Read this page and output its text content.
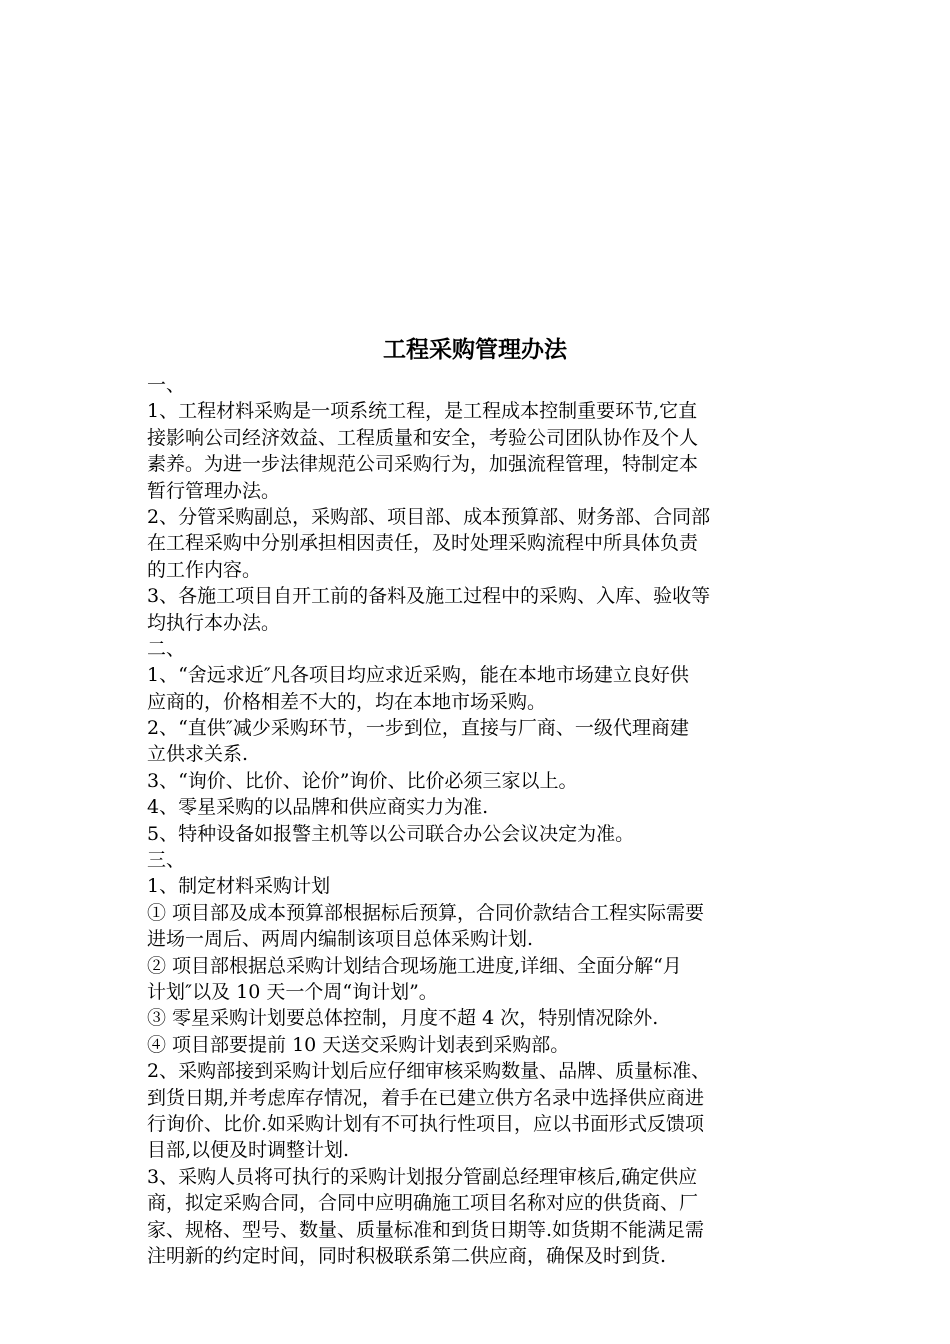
工程采购管理办法
一、
1、工程材料采购是一项系统工程，是工程成本控制重要环节,它直
接影响公司经济效益、工程质量和安全，考验公司团队协作及个人
素养。为进一步法律规范公司采购行为，加强流程管理，特制定本
暂行管理办法。
2、分管采购副总，采购部、项目部、成本预算部、财务部、合同部
在工程采购中分别承担相因责任，及时处理采购流程中所具体负责
的工作内容。
3、各施工项目自开工前的备料及施工过程中的采购、入库、验收等
均执行本办法。
二、
1、“舍远求近″凡各项目均应求近采购，能在本地市场建立良好供
应商的，价格相差不大的，均在本地市场采购。
2、“直供″减少采购环节，一步到位，直接与厂商、一级代理商建
立供求关系.
3、“询价、比价、论价”询价、比价必须三家以上。
4、零星采购的以品牌和供应商实力为准.
5、特种设备如报警主机等以公司联合办公会议决定为准。
三、
1、制定材料采购计划
① 项目部及成本预算部根据标后预算，合同价款结合工程实际需要
进场一周后、两周内编制该项目总体采购计划.
② 项目部根据总采购计划结合现场施工进度,详细、全面分解“月
计划″以及 10 天一个周“询计划”。
③ 零星采购计划要总体控制，月度不超 4 次，特别情况除外.
④ 项目部要提前 10 天送交采购计划表到采购部。
2、采购部接到采购计划后应仔细审核采购数量、品牌、质量标准、
到货日期,并考虑库存情况，着手在已建立供方名录中选择供应商进
行询价、比价.如采购计划有不可执行性项目，应以书面形式反馈项
目部,以便及时调整计划.
3、采购人员将可执行的采购计划报分管副总经理审核后,确定供应
商，拟定采购合同，合同中应明确施工项目名称对应的供货商、厂
家、规格、型号、数量、质量标准和到货日期等.如货期不能满足需
注明新的约定时间，同时积极联系第二供应商，确保及时到货.
